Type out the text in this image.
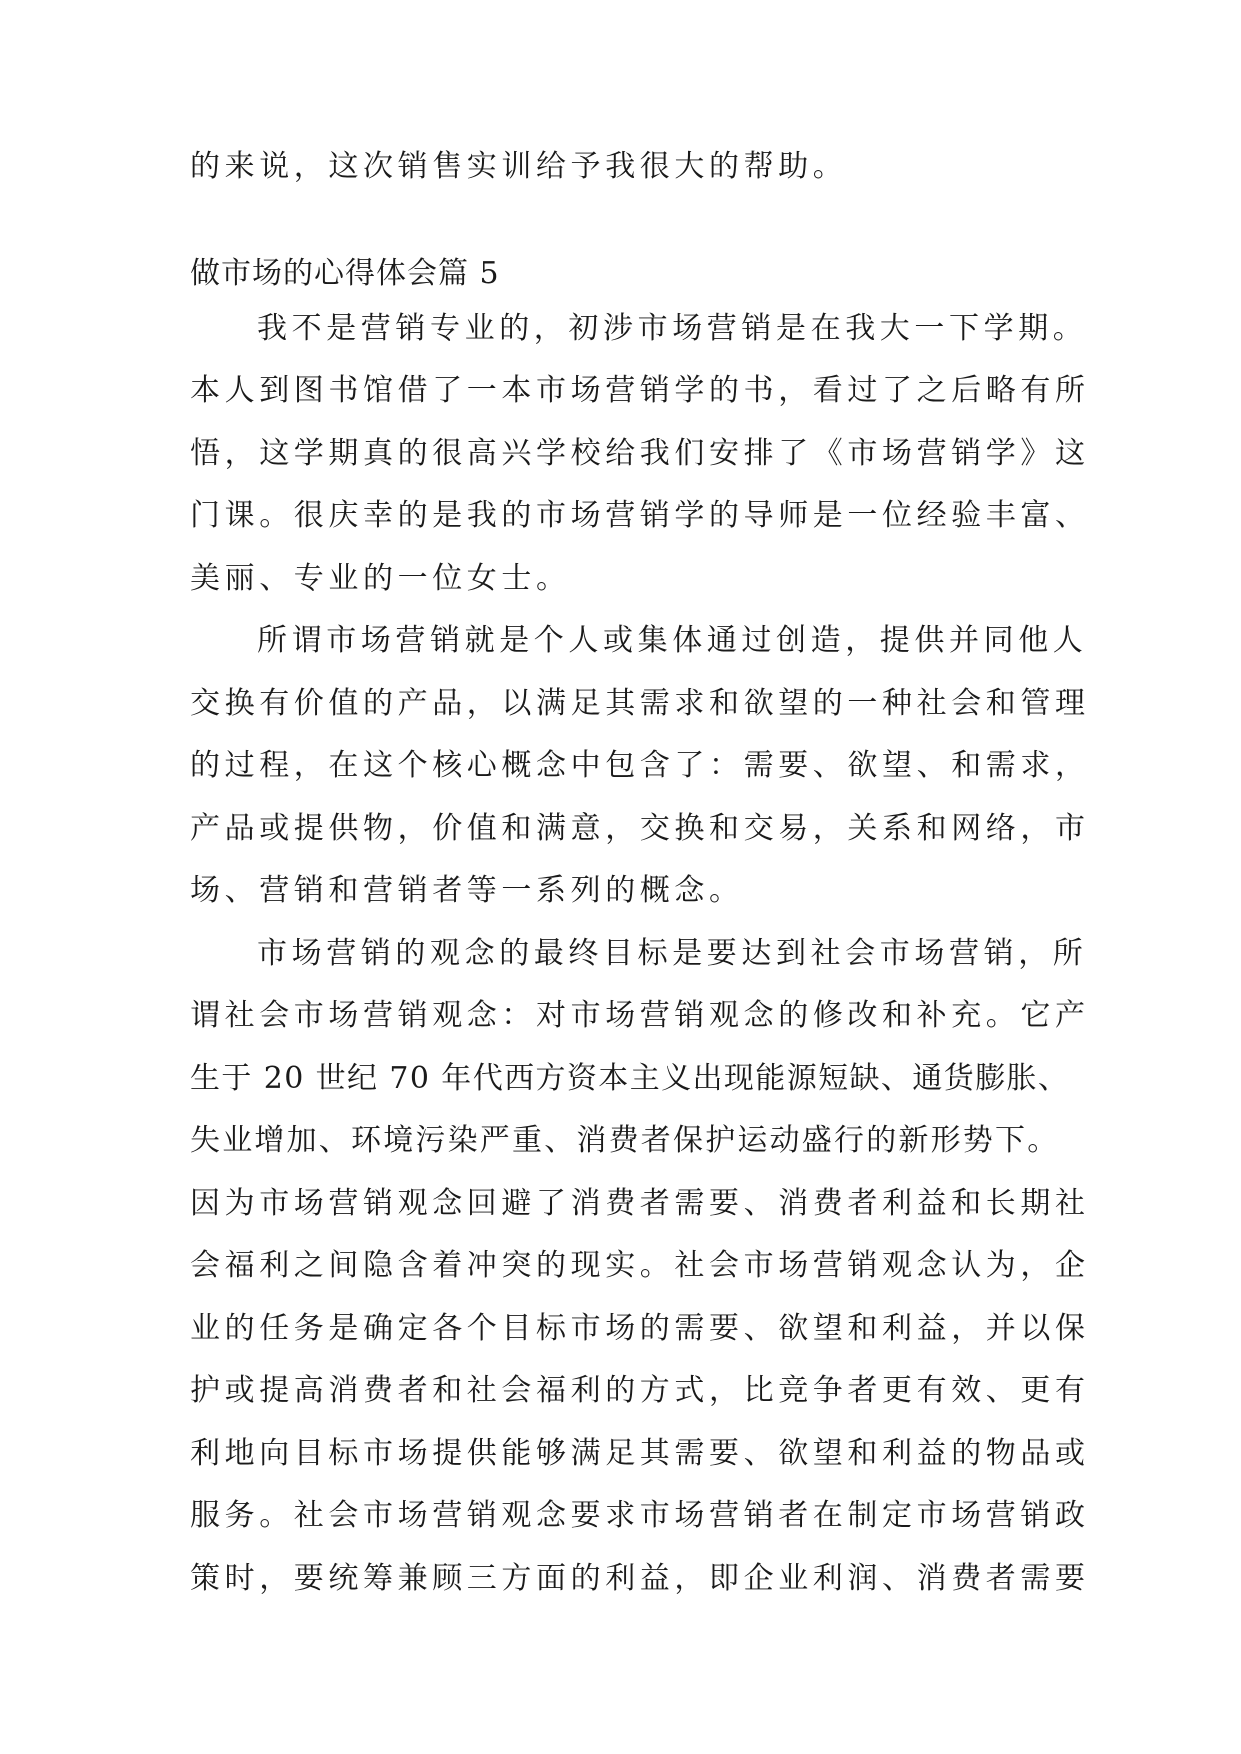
的来说，这次销售实训给予我很大的帮助。
做市场的心得体会篇 5
我不是营销专业的，初涉市场营销是在我大一下学期。
本人到图书馆借了一本市场营销学的书，看过了之后略有所
悟，这学期真的很高兴学校给我们安排了《市场营销学》这
门课。很庆幸的是我的市场营销学的导师是一位经验丰富、
美丽、专业的一位女士。
所谓市场营销就是个人或集体通过创造，提供并同他人
交换有价值的产品，以满足其需求和欲望的一种社会和管理
的过程，在这个核心概念中包含了：需要、欲望、和需求，
产品或提供物，价值和满意，交换和交易，关系和网络，市
场、营销和营销者等一系列的概念。
市场营销的观念的最终目标是要达到社会市场营销，所
谓社会市场营销观念：对市场营销观念的修改和补充。它产
生于 20 世纪 70 年代西方资本主义出现能源短缺、通货膨胀、
失业增加、环境污染严重、消费者保护运动盛行的新形势下。
因为市场营销观念回避了消费者需要、消费者利益和长期社
会福利之间隐含着冲突的现实。社会市场营销观念认为，企
业的任务是确定各个目标市场的需要、欲望和利益，并以保
护或提高消费者和社会福利的方式，比竞争者更有效、更有
利地向目标市场提供能够满足其需要、欲望和利益的物品或
服务。社会市场营销观念要求市场营销者在制定市场营销政
策时，要统筹兼顾三方面的利益，即企业利润、消费者需要
